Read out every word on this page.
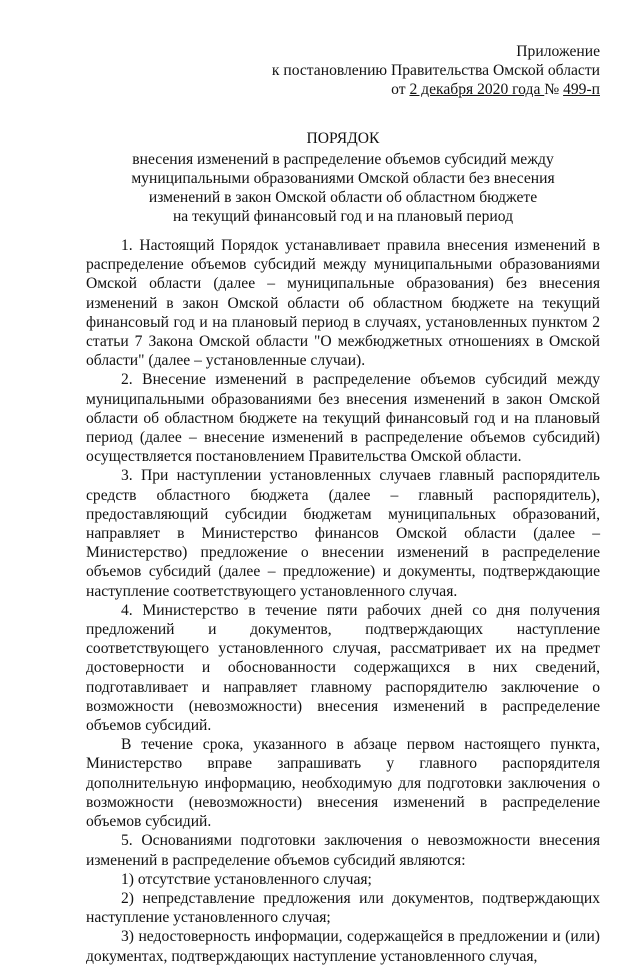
Приложение
к постановлению Правительства Омской области
от 2 декабря 2020 года № 499-п
ПОРЯДОК
внесения изменений в распределение объемов субсидий между
муниципальными образованиями Омской области без внесения
изменений в закон Омской области об областном бюджете
на текущий финансовый год и на плановый период

1. Настоящий Порядок устанавливает правила внесения изменений в распределение объемов субсидий между муниципальными образованиями Омской области (далее – муниципальные образования) без внесения изменений в закон Омской области об областном бюджете на текущий финансовый год и на плановый период в случаях, установленных пунктом 2 статьи 7 Закона Омской области "О межбюджетных отношениях в Омской области" (далее – установленные случаи).

2. Внесение изменений в распределение объемов субсидий между муниципальными образованиями без внесения изменений в закон Омской области об областном бюджете на текущий финансовый год и на плановый период (далее – внесение изменений в распределение объемов субсидий) осуществляется постановлением Правительства Омской области.

3. При наступлении установленных случаев главный распорядитель средств областного бюджета (далее – главный распорядитель), предоставляющий субсидии бюджетам муниципальных образований, направляет в Министерство финансов Омской области (далее – Министерство) предложение о внесении изменений в распределение объемов субсидий (далее – предложение) и документы, подтверждающие наступление соответствующего установленного случая.

4. Министерство в течение пяти рабочих дней со дня получения предложений и документов, подтверждающих наступление соответствующего установленного случая, рассматривает их на предмет достоверности и обоснованности содержащихся в них сведений, подготавливает и направляет главному распорядителю заключение о возможности (невозможности) внесения изменений в распределение объемов субсидий.

В течение срока, указанного в абзаце первом настоящего пункта, Министерство вправе запрашивать у главного распорядителя дополнительную информацию, необходимую для подготовки заключения о возможности (невозможности) внесения изменений в распределение объемов субсидий.

5. Основаниями подготовки заключения о невозможности внесения изменений в распределение объемов субсидий являются:

1) отсутствие установленного случая;

2) непредставление предложения или документов, подтверждающих наступление установленного случая;

3) недостоверность информации, содержащейся в предложении и (или) документах, подтверждающих наступление установленного случая,
